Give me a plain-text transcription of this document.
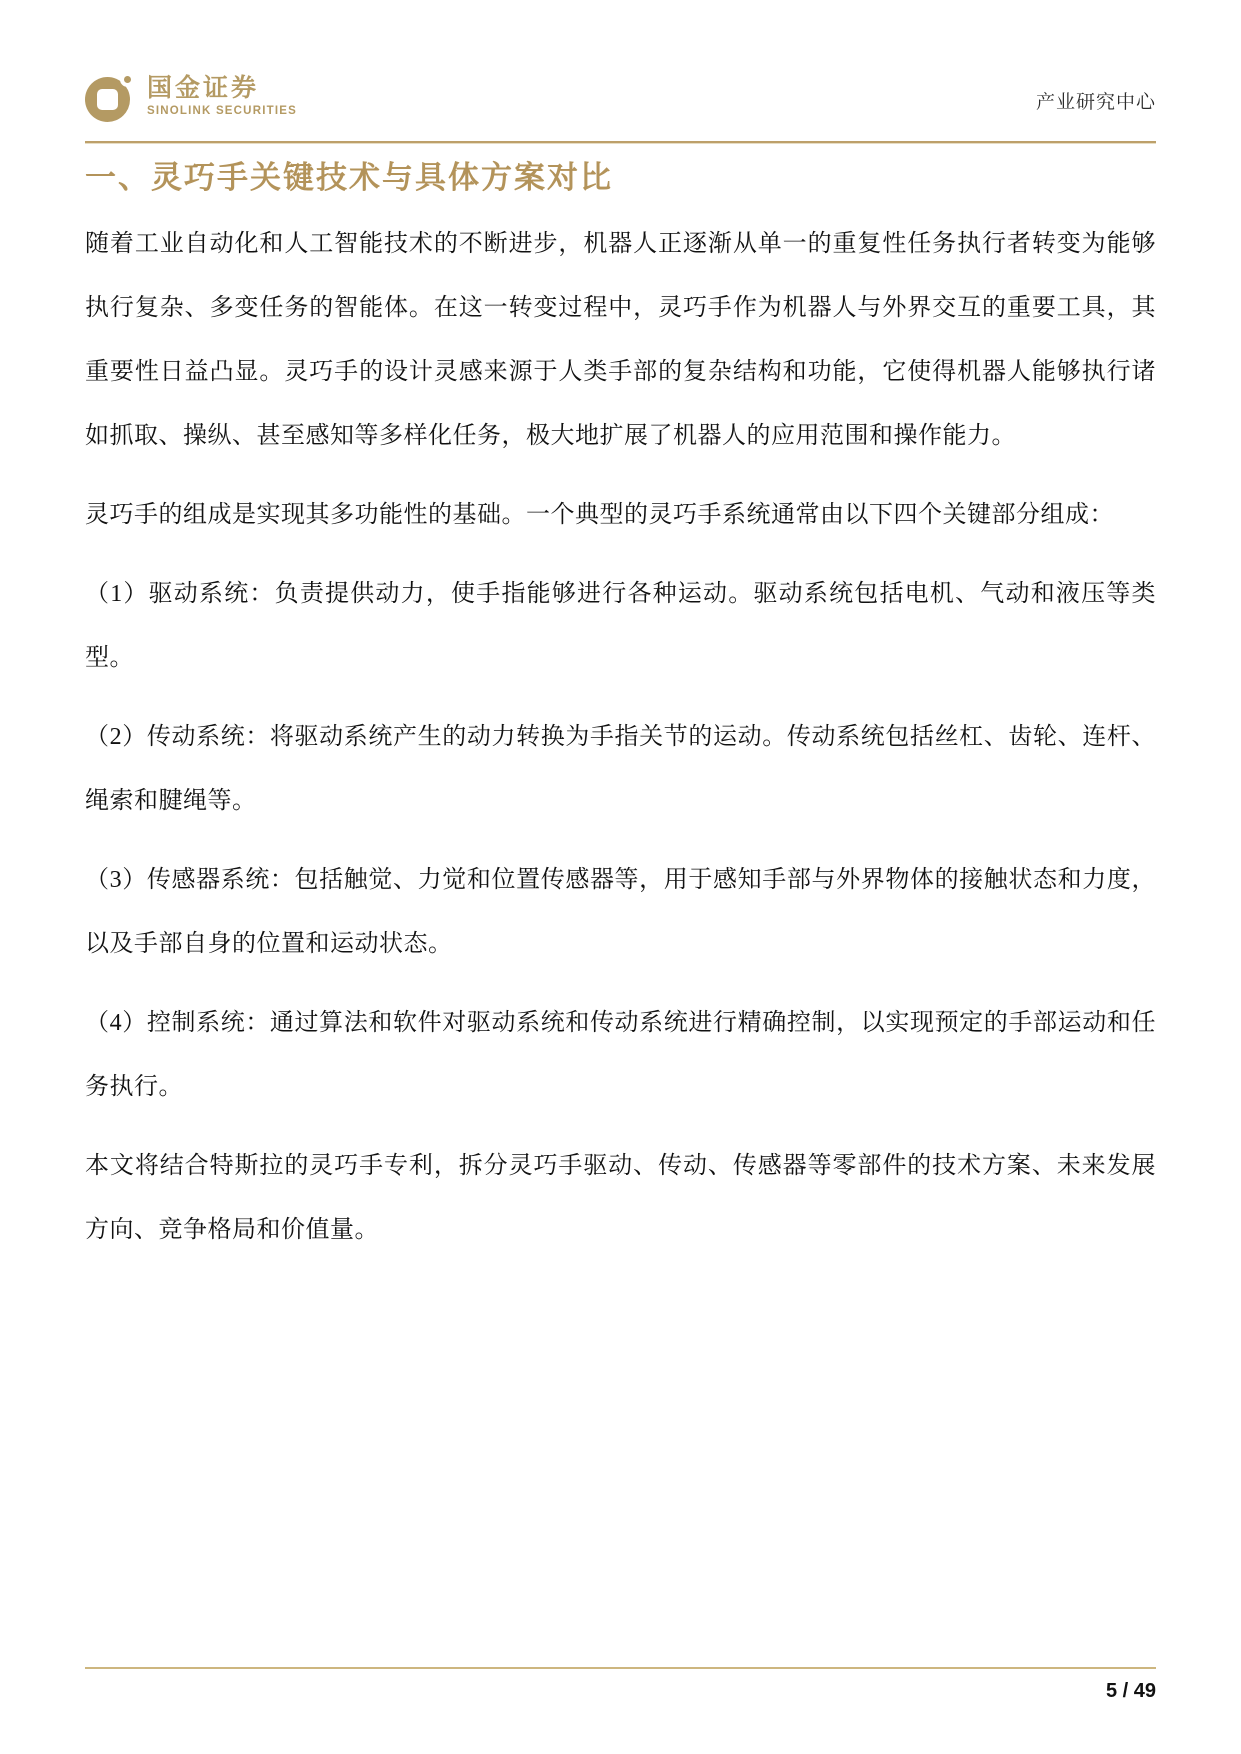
国金证券
SINOLINK SECURITIES	产业研究中心
一、灵巧手关键技术与具体方案对比

随着工业自动化和人工智能技术的不断进步，机器人正逐渐从单一的重复性任务执行者转变为能够执行复杂、多变任务的智能体。在这一转变过程中，灵巧手作为机器人与外界交互的重要工具，其重要性日益凸显。灵巧手的设计灵感来源于人类手部的复杂结构和功能，它使得机器人能够执行诸如抓取、操纵、甚至感知等多样化任务，极大地扩展了机器人的应用范围和操作能力。

灵巧手的组成是实现其多功能性的基础。一个典型的灵巧手系统通常由以下四个关键部分组成：

（1）驱动系统：负责提供动力，使手指能够进行各种运动。驱动系统包括电机、气动和液压等类型。

（2）传动系统：将驱动系统产生的动力转换为手指关节的运动。传动系统包括丝杠、齿轮、连杆、绳索和腱绳等。

（3）传感器系统：包括触觉、力觉和位置传感器等，用于感知手部与外界物体的接触状态和力度，以及手部自身的位置和运动状态。

（4）控制系统：通过算法和软件对驱动系统和传动系统进行精确控制，以实现预定的手部运动和任务执行。

本文将结合特斯拉的灵巧手专利，拆分灵巧手驱动、传动、传感器等零部件的技术方案、未来发展方向、竞争格局和价值量。

5 / 49
